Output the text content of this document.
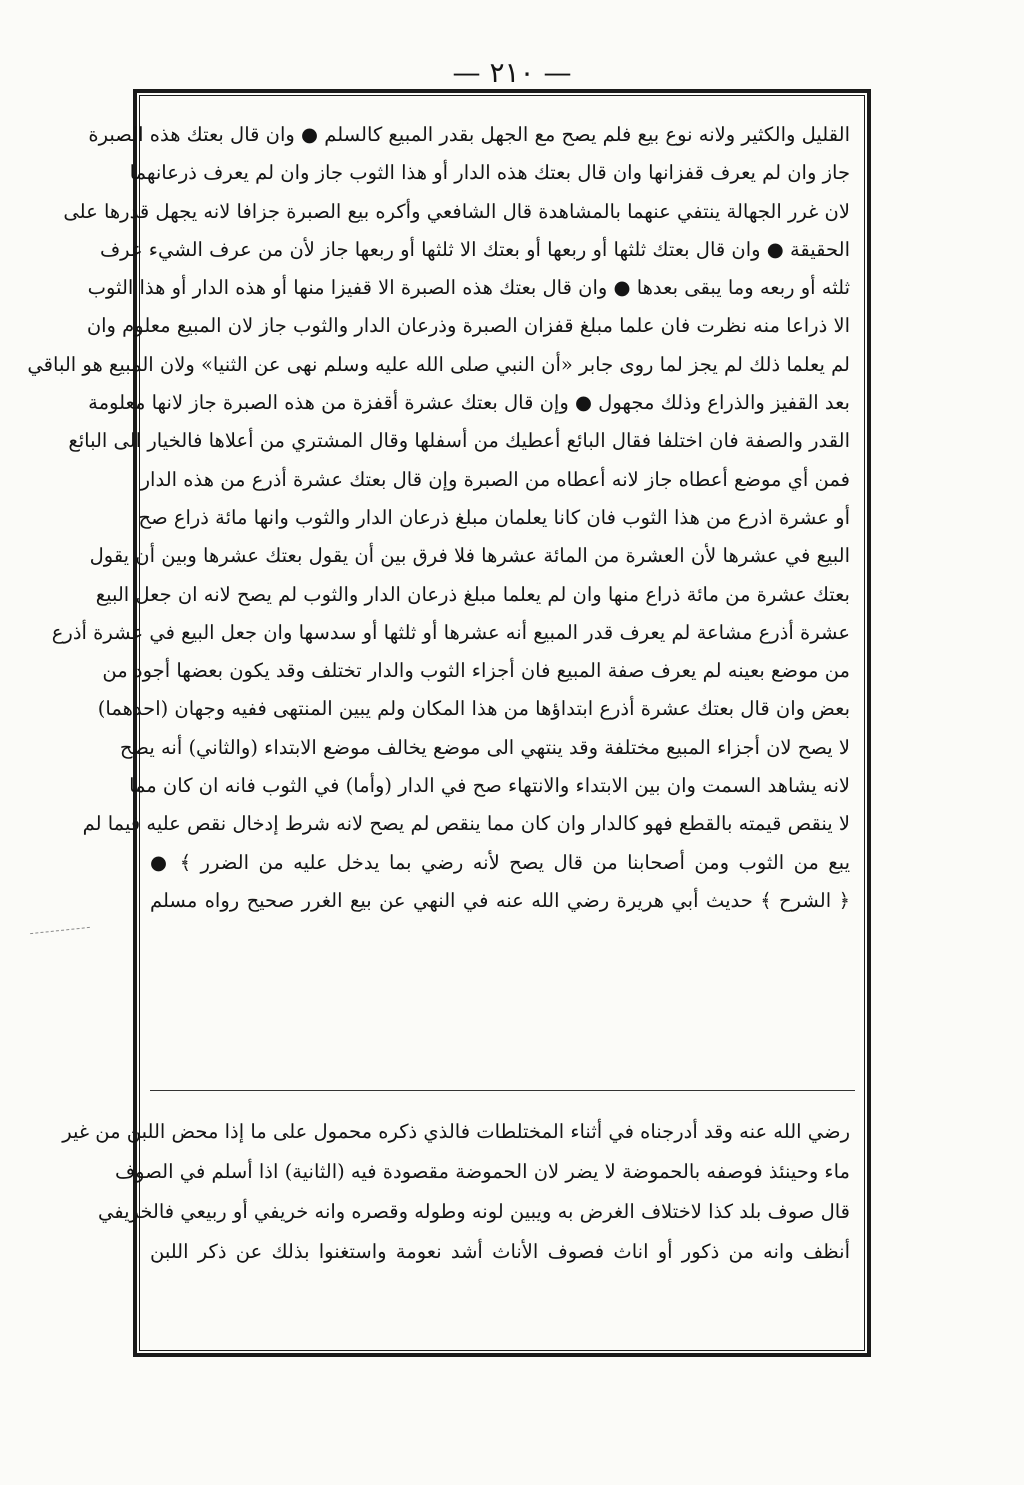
— ٢١٠ —
القليل والكثير ولانه نوع بيع فلم يصح مع الجهل بقدر المبيع كالسلم ● وان قال بعتك هذه الصبرة
جاز وان لم يعرف قفزانها وان قال بعتك هذه الدار أو هذا الثوب جاز وان لم يعرف ذرعانهما
لان غرر الجهالة ينتفي عنهما بالمشاهدة قال الشافعي وأكره بيع الصبرة جزافا لانه يجهل قدرها على
الحقيقة ● وان قال بعتك ثلثها أو ربعها أو بعتك الا ثلثها أو ربعها جاز لأن من عرف الشيء عرف
ثلثه أو ربعه وما يبقى بعدها ● وان قال بعتك هذه الصبرة الا قفيزا منها أو هذه الدار أو هذا الثوب
الا ذراعا منه نظرت فان علما مبلغ قفزان الصبرة وذرعان الدار والثوب جاز لان المبيع معلوم وان
لم يعلما ذلك لم يجز لما روى جابر «أن النبي صلى الله عليه وسلم نهى عن الثنيا» ولان المبيع هو الباقي
بعد القفيز والذراع وذلك مجهول ● وإن قال بعتك عشرة أقفزة من هذه الصبرة جاز لانها معلومة
القدر والصفة فان اختلفا فقال البائع أعطيك من أسفلها وقال المشتري من أعلاها فالخيار الى البائع
فمن أي موضع أعطاه جاز لانه أعطاه من الصبرة وإن قال بعتك عشرة أذرع من هذه الدار
أو عشرة اذرع من هذا الثوب فان كانا يعلمان مبلغ ذرعان الدار والثوب وانها مائة ذراع صح
البيع في عشرها لأن العشرة من المائة عشرها فلا فرق بين أن يقول بعتك عشرها وبين أن يقول
بعتك عشرة من مائة ذراع منها وان لم يعلما مبلغ ذرعان الدار والثوب لم يصح لانه ان جعل البيع
عشرة أذرع مشاعة لم يعرف قدر المبيع أنه عشرها أو ثلثها أو سدسها وان جعل البيع في عشرة أذرع
من موضع بعينه لم يعرف صفة المبيع فان أجزاء الثوب والدار تختلف وقد يكون بعضها أجود من
بعض وان قال بعتك عشرة أذرع ابتداؤها من هذا المكان ولم يبين المنتهى ففيه وجهان (احدهما)
لا يصح لان أجزاء المبيع مختلفة وقد ينتهي الى موضع يخالف موضع الابتداء (والثاني) أنه يصح
لانه يشاهد السمت وان بين الابتداء والانتهاء صح في الدار (وأما) في الثوب فانه ان كان مما
لا ينقص قيمته بالقطع فهو كالدار وان كان مما ينقص لم يصح لانه شرط إدخال نقص عليه فيما لم
يبع من الثوب ومن أصحابنا من قال يصح لأنه رضي بما يدخل عليه من الضرر ﴾ ●
﴿ الشرح ﴾ حديث أبي هريرة رضي الله عنه في النهي عن بيع الغرر صحيح رواه مسلم
رضي الله عنه وقد أدرجناه في أثناء المختلطات فالذي ذكره محمول على ما إذا محض اللبن من غير
ماء وحينئذ فوصفه بالحموضة لا يضر لان الحموضة مقصودة فيه (الثانية) اذا أسلم في الصوف
قال صوف بلد كذا لاختلاف الغرض به ويبين لونه وطوله وقصره وانه خريفي أو ربيعي فالخريفي
أنظف وانه من ذكور أو اناث فصوف الأناث أشد نعومة واستغنوا بذلك عن ذكر اللبن
